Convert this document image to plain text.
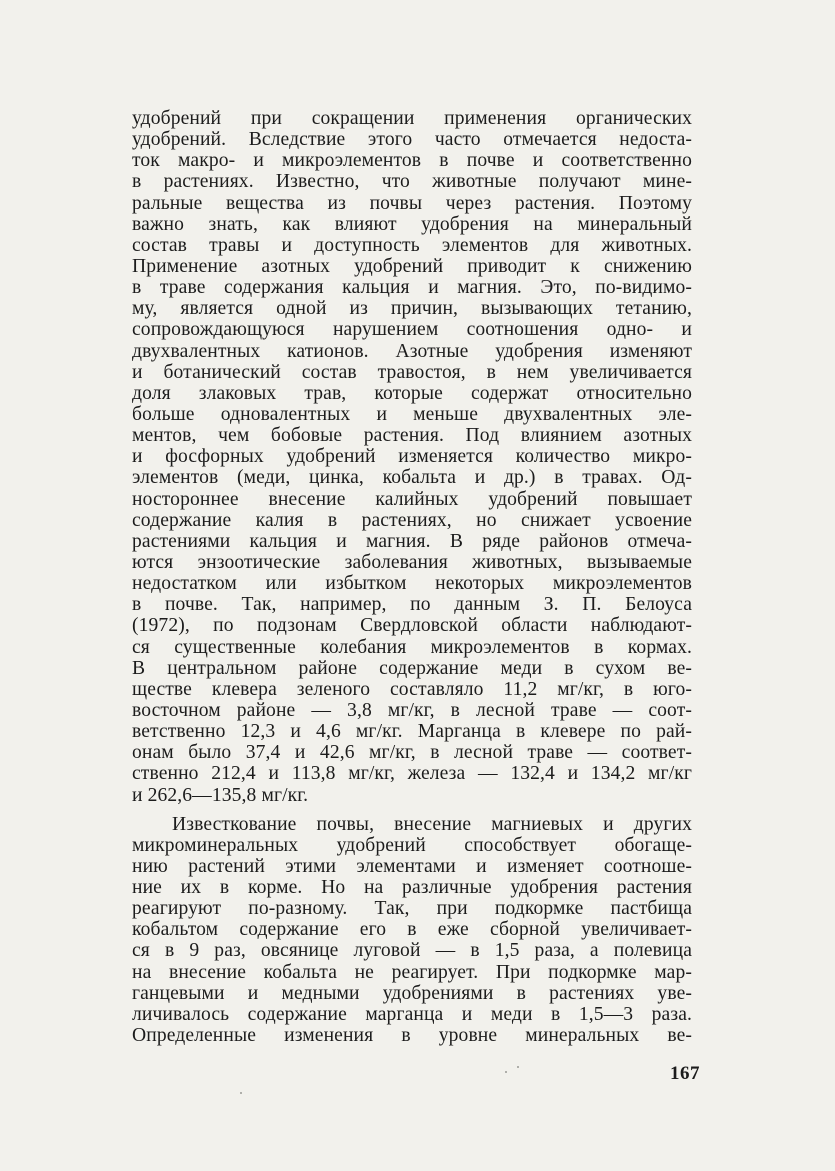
удобрений при сокращении применения органических
удобрений. Вследствие этого часто отмечается недоста-
ток макро- и микроэлементов в почве и соответственно
в растениях. Известно, что животные получают мине-
ральные вещества из почвы через растения. Поэтому
важно знать, как влияют удобрения на минеральный
состав травы и доступность элементов для животных.
Применение азотных удобрений приводит к снижению
в траве содержания кальция и магния. Это, по-видимо-
му, является одной из причин, вызывающих тетанию,
сопровождающуюся нарушением соотношения одно- и
двухвалентных катионов. Азотные удобрения изменяют
и ботанический состав травостоя, в нем увеличивается
доля злаковых трав, которые содержат относительно
больше одновалентных и меньше двухвалентных эле-
ментов, чем бобовые растения. Под влиянием азотных
и фосфорных удобрений изменяется количество микро-
элементов (меди, цинка, кобальта и др.) в травах. Од-
ностороннее внесение калийных удобрений повышает
содержание калия в растениях, но снижает усвоение
растениями кальция и магния. В ряде районов отмеча-
ются энзоотические заболевания животных, вызываемые
недостатком или избытком некоторых микроэлементов
в почве. Так, например, по данным З. П. Белоуса
(1972), по подзонам Свердловской области наблюдают-
ся существенные колебания микроэлементов в кормах.
В центральном районе содержание меди в сухом ве-
ществе клевера зеленого составляло 11,2 мг/кг, в юго-
восточном районе — 3,8 мг/кг, в лесной траве — соот-
ветственно 12,3 и 4,6 мг/кг. Марганца в клевере по рай-
онам было 37,4 и 42,6 мг/кг, в лесной траве — соответ-
ственно 212,4 и 113,8 мг/кг, железа — 132,4 и 134,2 мг/кг
и 262,6—135,8 мг/кг.
Известкование почвы, внесение магниевых и других
микроминеральных удобрений способствует обогаще-
нию растений этими элементами и изменяет соотноше-
ние их в корме. Но на различные удобрения растения
реагируют по-разному. Так, при подкормке пастбища
кобальтом содержание его в еже сборной увеличивает-
ся в 9 раз, овсянице луговой — в 1,5 раза, а полевица
на внесение кобальта не реагирует. При подкормке мар-
ганцевыми и медными удобрениями в растениях уве-
личивалось содержание марганца и меди в 1,5—3 раза.
Определенные изменения в уровне минеральных ве-
167
